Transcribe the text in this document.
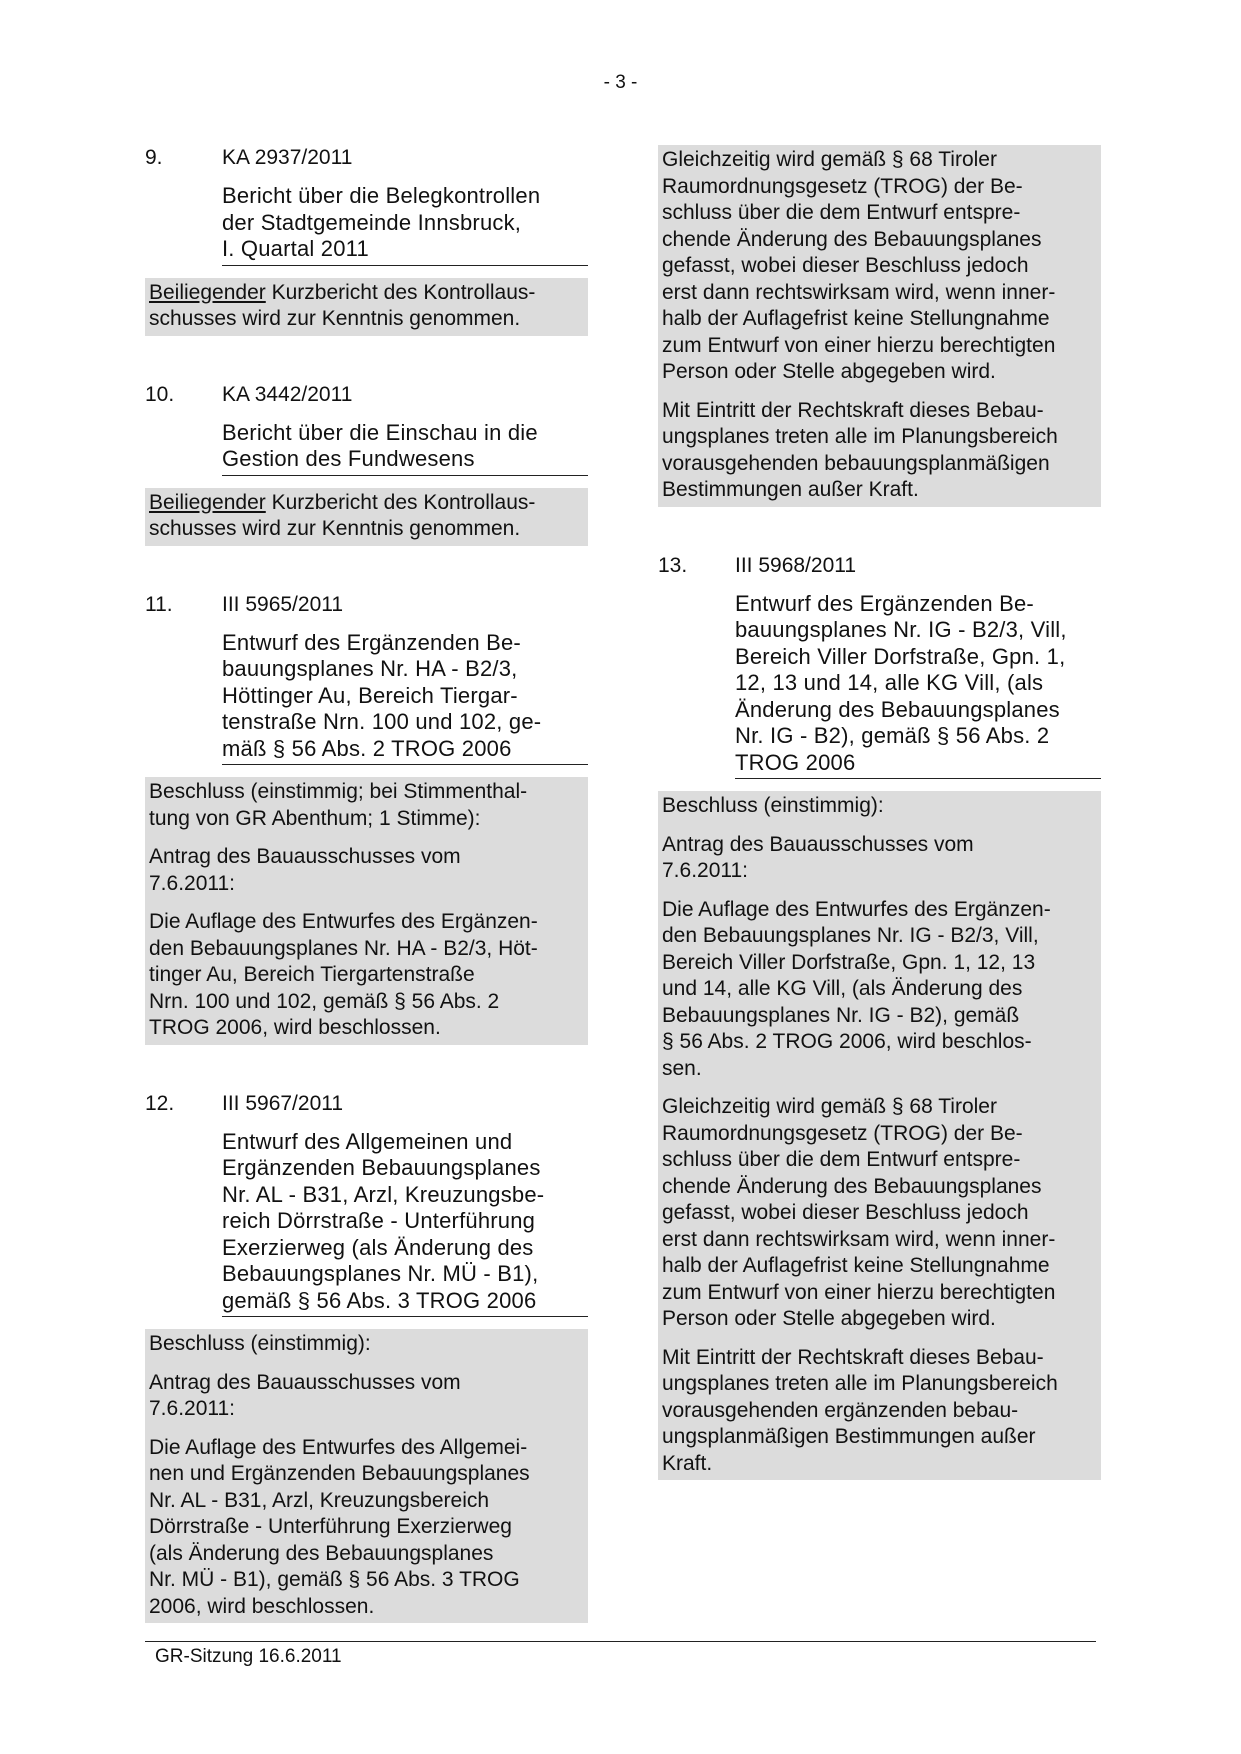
- 3 -
9.	KA 2937/2011
Bericht über die Belegkontrollen
der Stadtgemeinde Innsbruck,
I. Quartal 2011

Beiliegender Kurzbericht des Kontrollaus-
schusses wird zur Kenntnis genommen.

10.	KA 3442/2011
Bericht über die Einschau in die
Gestion des Fundwesens

Beiliegender Kurzbericht des Kontrollaus-
schusses wird zur Kenntnis genommen.

11.	III 5965/2011
Entwurf des Ergänzenden Be-
bauungsplanes Nr. HA - B2/3,
Höttinger Au, Bereich Tiergar-
tenstraße Nrn. 100 und 102, ge-
mäß § 56 Abs. 2 TROG 2006

Beschluss (einstimmig; bei Stimmenthal-
tung von GR Abenthum; 1 Stimme):

Antrag des Bauausschusses vom
7.6.2011:

Die Auflage des Entwurfes des Ergänzen-
den Bebauungsplanes Nr. HA - B2/3, Höt-
tinger Au, Bereich Tiergartenstraße
Nrn. 100 und 102, gemäß § 56 Abs. 2
TROG 2006, wird beschlossen.

12.	III 5967/2011
Entwurf des Allgemeinen und
Ergänzenden Bebauungsplanes
Nr. AL - B31, Arzl, Kreuzungsbe-
reich Dörrstraße - Unterführung
Exerzierweg (als Änderung des
Bebauungsplanes Nr. MÜ - B1),
gemäß § 56 Abs. 3 TROG 2006

Beschluss (einstimmig):

Antrag des Bauausschusses vom
7.6.2011:

Die Auflage des Entwurfes des Allgemei-
nen und Ergänzenden Bebauungsplanes
Nr. AL - B31, Arzl, Kreuzungsbereich
Dörrstraße - Unterführung Exerzierweg
(als Änderung des Bebauungsplanes
Nr. MÜ - B1), gemäß § 56 Abs. 3 TROG
2006, wird beschlossen.

Gleichzeitig wird gemäß § 68 Tiroler
Raumordnungsgesetz (TROG) der Be-
schluss über die dem Entwurf entspre-
chende Änderung des Bebauungsplanes
gefasst, wobei dieser Beschluss jedoch
erst dann rechtswirksam wird, wenn inner-
halb der Auflagefrist keine Stellungnahme
zum Entwurf von einer hierzu berechtigten
Person oder Stelle abgegeben wird.

Mit Eintritt der Rechtskraft dieses Bebau-
ungsplanes treten alle im Planungsbereich
vorausgehenden bebauungsplanmäßigen
Bestimmungen außer Kraft.

13.	III 5968/2011
Entwurf des Ergänzenden Be-
bauungsplanes Nr. IG - B2/3, Vill,
Bereich Viller Dorfstraße, Gpn. 1,
12, 13 und 14, alle KG Vill, (als
Änderung des Bebauungsplanes
Nr. IG - B2), gemäß § 56 Abs. 2
TROG 2006

Beschluss (einstimmig):

Antrag des Bauausschusses vom
7.6.2011:

Die Auflage des Entwurfes des Ergänzen-
den Bebauungsplanes Nr. IG - B2/3, Vill,
Bereich Viller Dorfstraße, Gpn. 1, 12, 13
und 14, alle KG Vill, (als Änderung des
Bebauungsplanes Nr. IG - B2), gemäß
§ 56 Abs. 2 TROG 2006, wird beschlos-
sen.

Gleichzeitig wird gemäß § 68 Tiroler
Raumordnungsgesetz (TROG) der Be-
schluss über die dem Entwurf entspre-
chende Änderung des Bebauungsplanes
gefasst, wobei dieser Beschluss jedoch
erst dann rechtswirksam wird, wenn inner-
halb der Auflagefrist keine Stellungnahme
zum Entwurf von einer hierzu berechtigten
Person oder Stelle abgegeben wird.

Mit Eintritt der Rechtskraft dieses Bebau-
ungsplanes treten alle im Planungsbereich
vorausgehenden ergänzenden bebau-
ungsplanmäßigen Bestimmungen außer
Kraft.

GR-Sitzung 16.6.2011
